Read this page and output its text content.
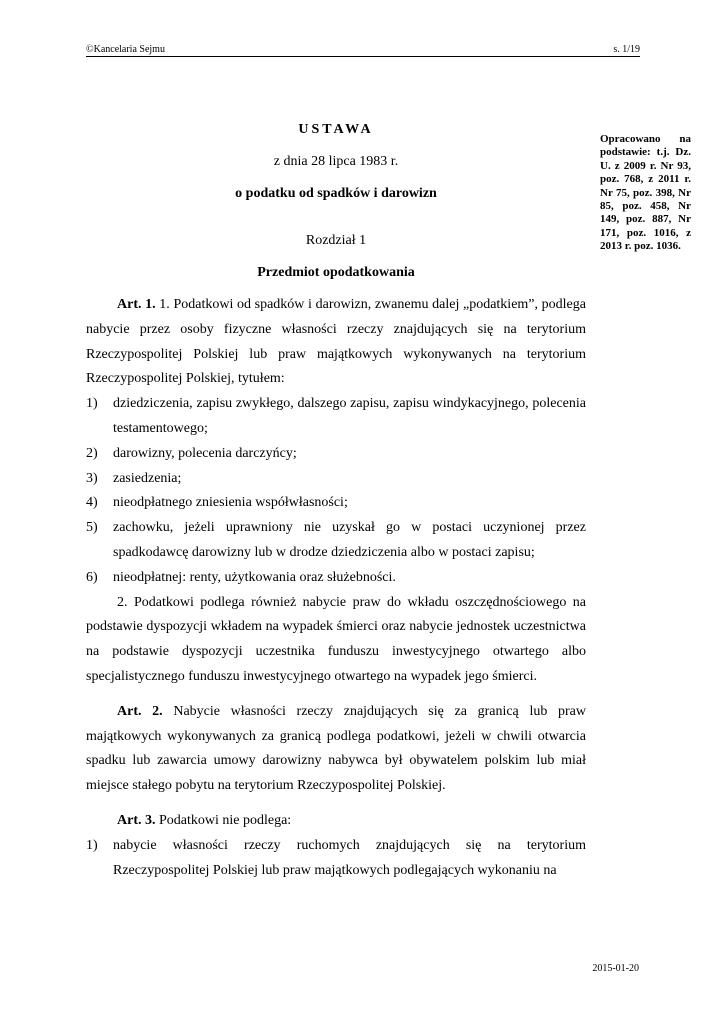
©Kancelaria Sejmu	s. 1/19
Opracowano na podstawie: t.j. Dz. U. z 2009 r. Nr 93, poz. 768, z 2011 r. Nr 75, poz. 398, Nr 85, poz. 458, Nr 149, poz. 887, Nr 171, poz. 1016, z 2013 r. poz. 1036.
USTAWA
z dnia 28 lipca 1983 r.
o podatku od spadków i darowizn
Rozdział 1
Przedmiot opodatkowania

Art. 1. 1. Podatkowi od spadków i darowizn, zwanemu dalej „podatkiem”, podlega nabycie przez osoby fizyczne własności rzeczy znajdujących się na terytorium Rzeczypospolitej Polskiej lub praw majątkowych wykonywanych na terytorium Rzeczypospolitej Polskiej, tytułem:

1)	dziedziczenia, zapisu zwykłego, dalszego zapisu, zapisu windykacyjnego, polecenia testamentowego;
2)	darowizny, polecenia darczyńcy;
3)	zasiedzenia;
4)	nieodpłatnego zniesienia współwłasności;
5)	zachowku, jeżeli uprawniony nie uzyskał go w postaci uczynionej przez spadkodawcę darowizny lub w drodze dziedziczenia albo w postaci zapisu;
6)	nieodpłatnej: renty, użytkowania oraz służebności.

2. Podatkowi podlega również nabycie praw do wkładu oszczędnościowego na podstawie dyspozycji wkładem na wypadek śmierci oraz nabycie jednostek uczestnictwa na podstawie dyspozycji uczestnika funduszu inwestycyjnego otwartego albo specjalistycznego funduszu inwestycyjnego otwartego na wypadek jego śmierci.

Art. 2. Nabycie własności rzeczy znajdujących się za granicą lub praw majątkowych wykonywanych za granicą podlega podatkowi, jeżeli w chwili otwarcia spadku lub zawarcia umowy darowizny nabywca był obywatelem polskim lub miał miejsce stałego pobytu na terytorium Rzeczypospolitej Polskiej.

Art. 3. Podatkowi nie podlega:

1)	nabycie własności rzeczy ruchomych znajdujących się na terytorium Rzeczypospolitej Polskiej lub praw majątkowych podlegających wykonaniu na
2015-01-20
